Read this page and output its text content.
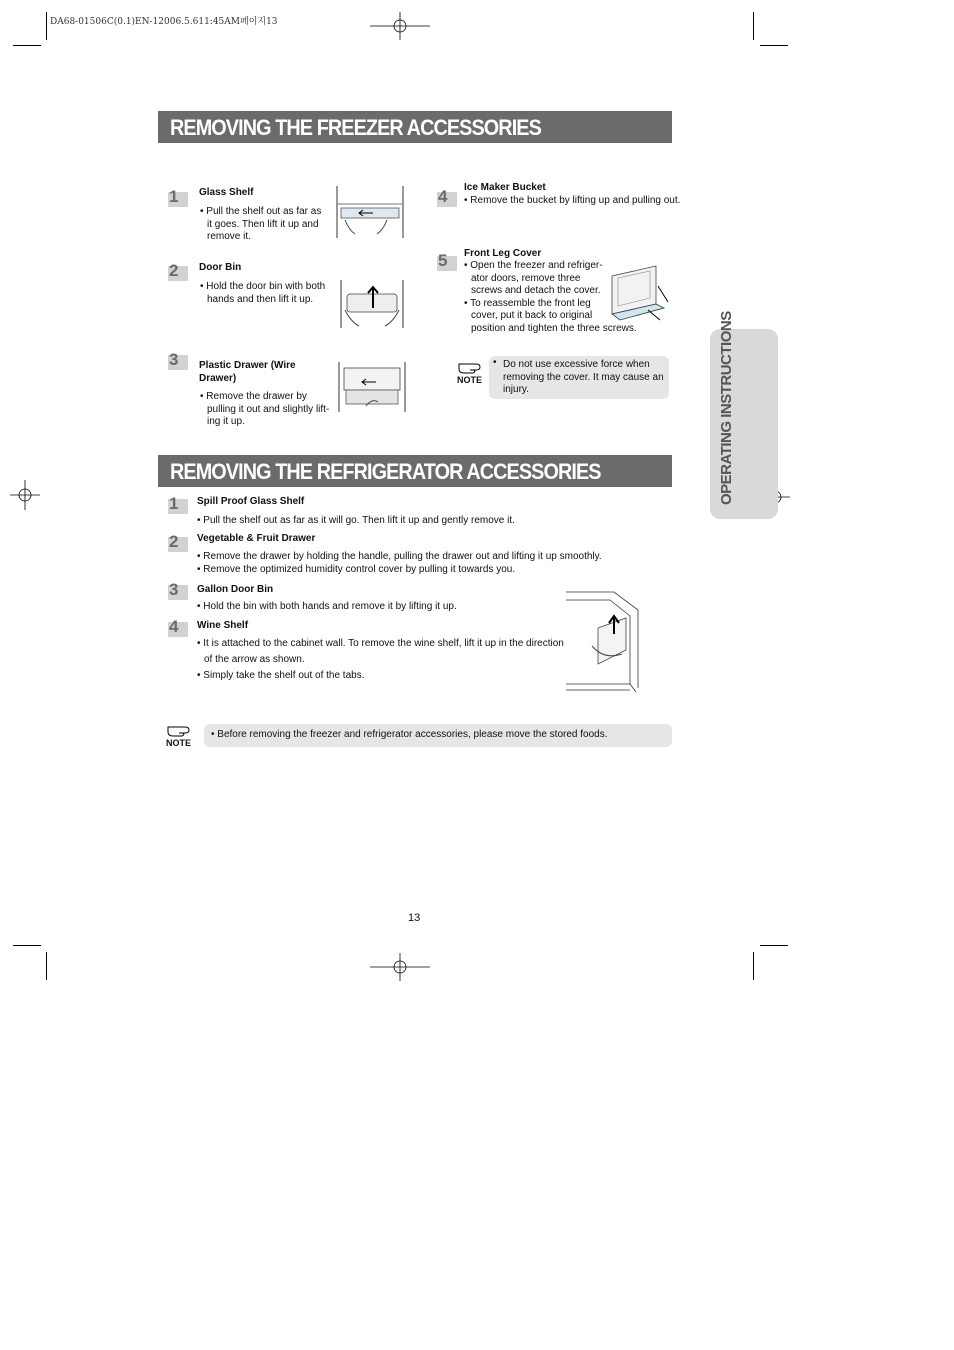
DA68-01506C(0.1)EN-12006.5.611:45AM페이지13
OPERATING INSTRUCTIONS
REMOVING THE FREEZER ACCESSORIES
1 Glass Shelf
• Pull the shelf out as far as
it goes. Then lift it up and
remove it.
2 Door Bin
• Hold the door bin with both
hands and then lift it up.
3 Plastic Drawer (Wire
Drawer)
• Remove the drawer by
pulling it out and slightly lift-
ing it up.
4 Ice Maker Bucket
• Remove the bucket by lifting up and pulling out.
5 Front Leg Cover
• Open the freezer and refriger-
ator doors, remove three
screws and detach the cover.
• To reassemble the front leg
cover, put it back to original
position and tighten the three screws.
NOTE
• Do not use excessive force when
removing the cover. It may cause an
injury.
REMOVING THE REFRIGERATOR ACCESSORIES
1 Spill Proof Glass Shelf
• Pull the shelf out as far as it will go. Then lift it up and gently remove it.
2 Vegetable & Fruit Drawer
• Remove the drawer by holding the handle, pulling the drawer out and lifting it up smoothly.
• Remove the optimized humidity control cover by pulling it towards you.
3 Gallon Door Bin
• Hold the bin with both hands and remove it by lifting it up.
4 Wine Shelf
• It is attached to the cabinet wall. To remove the wine shelf, lift it up in the direction
of the arrow as shown.
• Simply take the shelf out of the tabs.
NOTE
• Before removing the freezer and refrigerator accessories, please move the stored foods.
13
